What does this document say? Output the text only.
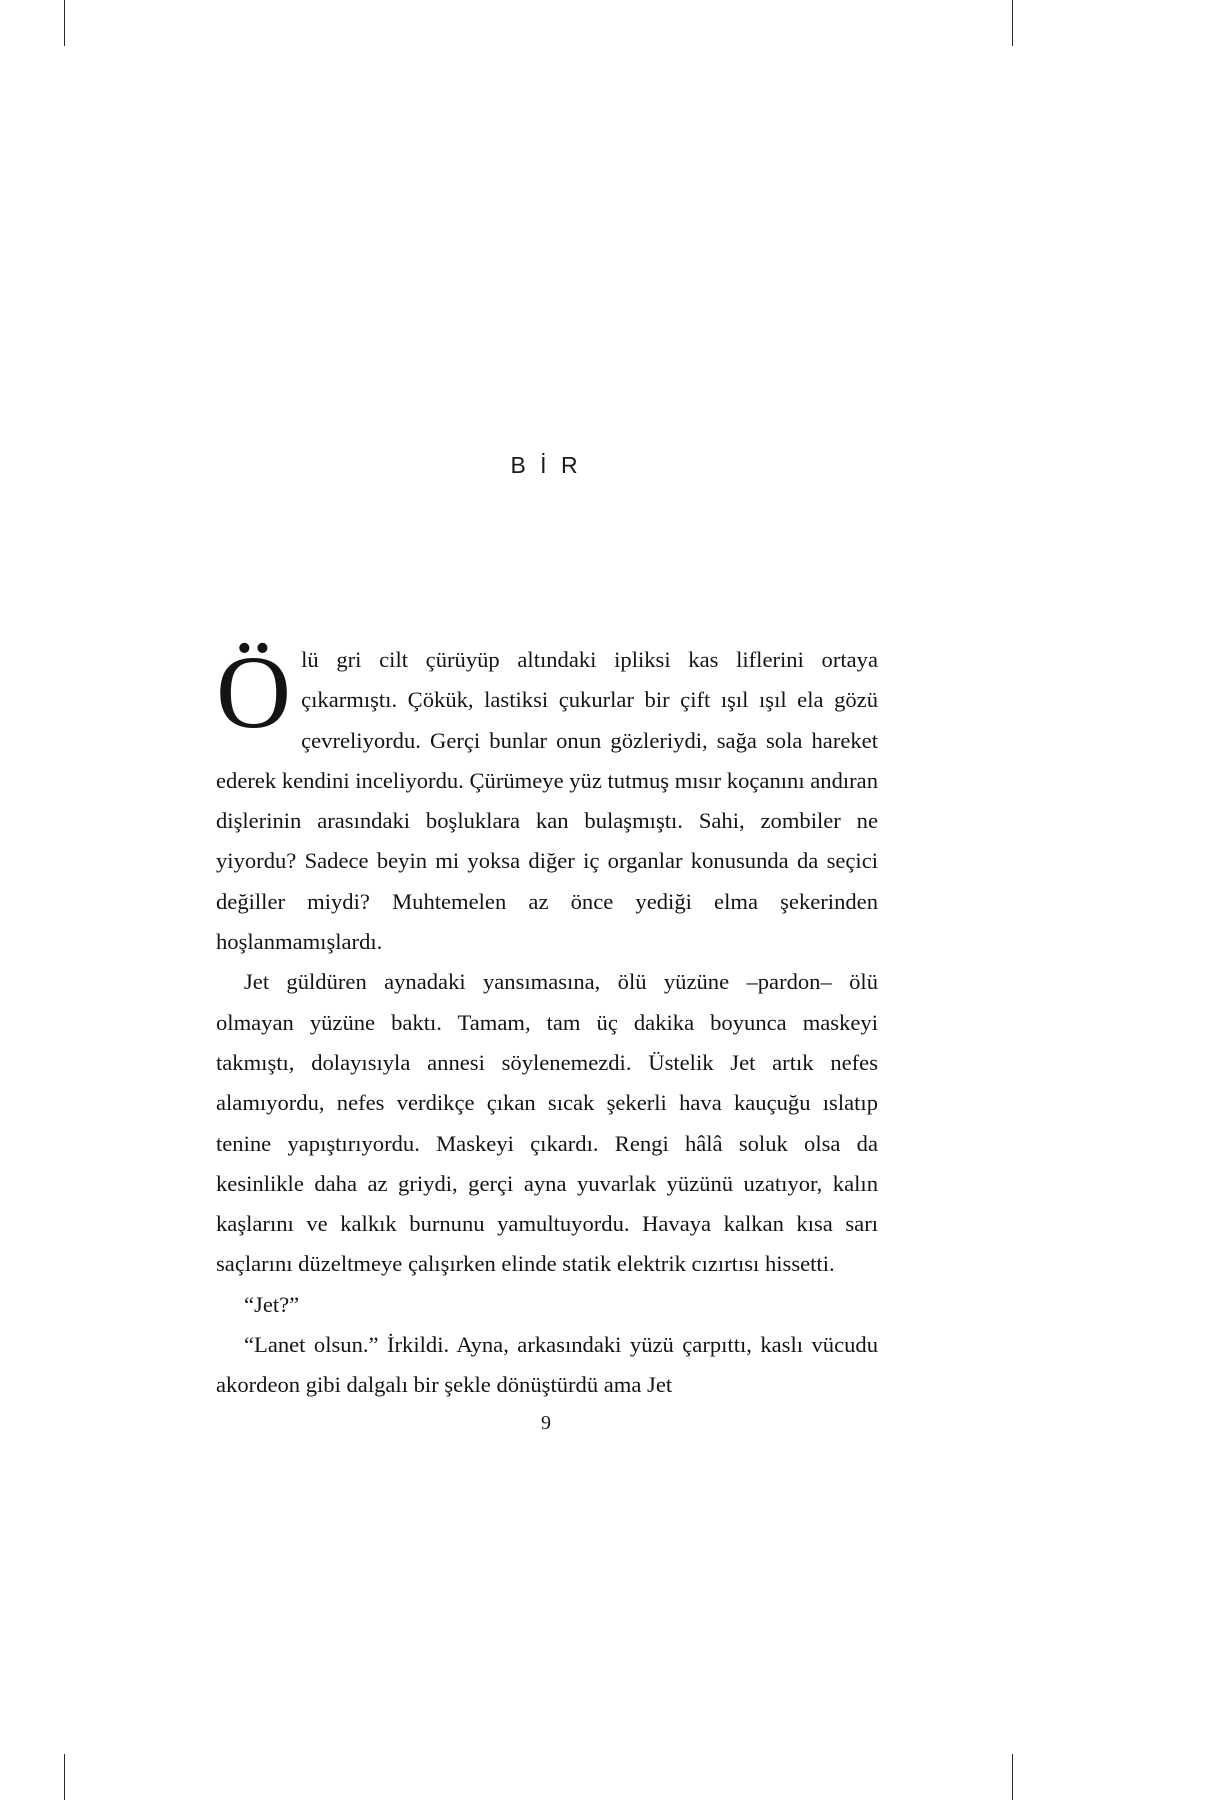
B İ R

Ölü gri cilt çürüyüp altındaki ipliksi kas liflerini ortaya çıkarmıştı. Çökük, lastiksi çukurlar bir çift ışıl ışıl ela gözü çevreliyordu. Gerçi bunlar onun gözleriydi, sağa sola hareket ederek kendini inceliyordu. Çürümeye yüz tutmuş mısır koçanını andıran dişlerinin arasındaki boşluklara kan bulaşmıştı. Sahi, zombiler ne yiyordu? Sadece beyin mi yoksa diğer iç organlar konusunda da seçici değiller miydi? Muhtemelen az önce yediği elma şekerinden hoşlanmamışlardı.

Jet güldüren aynadaki yansımasına, ölü yüzüne –pardon– ölü olmayan yüzüne baktı. Tamam, tam üç dakika boyunca maskeyi takmıştı, dolayısıyla annesi söylenemezdi. Üstelik Jet artık nefes alamıyordu, nefes verdikçe çıkan sıcak şekerli hava kauçuğu ıslatıp tenine yapıştırıyordu. Maskeyi çıkardı. Rengi hâlâ soluk olsa da kesinlikle daha az griydi, gerçi ayna yuvarlak yüzünü uzatıyor, kalın kaşlarını ve kalkık burnunu yamultuyordu. Havaya kalkan kısa sarı saçlarını düzeltmeye çalışırken elinde statik elektrik cızırtısı hissetti.

“Jet?”

“Lanet olsun.” İrkildi. Ayna, arkasındaki yüzü çarpıttı, kaslı vücudu akordeon gibi dalgalı bir şekle dönüştürdü ama Jet

9
